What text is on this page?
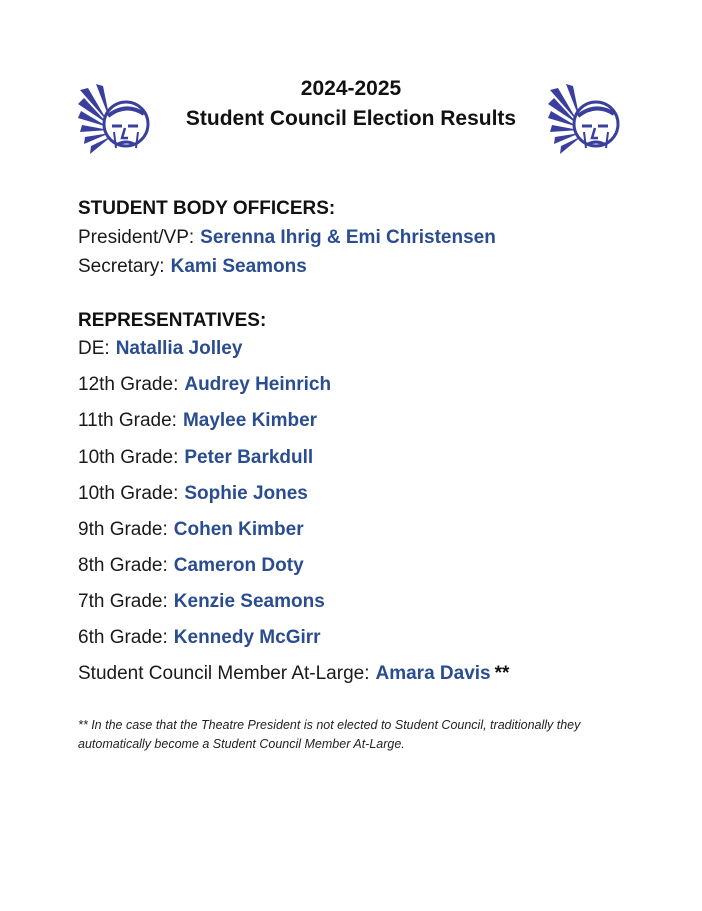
2024-2025
Student Council Election Results
STUDENT BODY OFFICERS:
President/VP: Serenna Ihrig & Emi Christensen
Secretary: Kami Seamons
REPRESENTATIVES:
DE: Natallia Jolley
12th Grade: Audrey Heinrich
11th Grade: Maylee Kimber
10th Grade: Peter Barkdull
10th Grade: Sophie Jones
9th Grade: Cohen Kimber
8th Grade: Cameron Doty
7th Grade: Kenzie Seamons
6th Grade: Kennedy McGirr
Student Council Member At-Large: Amara Davis **
** In the case that the Theatre President is not elected to Student Council, traditionally they automatically become a Student Council Member At-Large.
